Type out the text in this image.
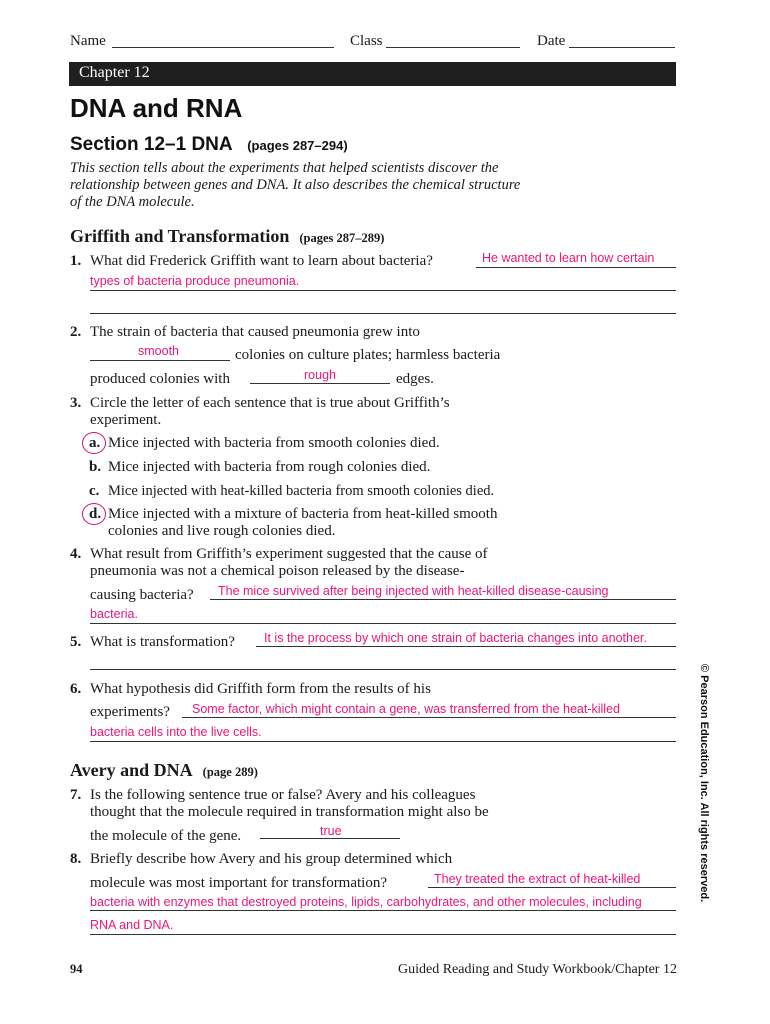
Name	Class	Date
Chapter 12
DNA and RNA
Section 12–1 DNA (pages 287–294)
This section tells about the experiments that helped scientists discover the
relationship between genes and DNA. It also describes the chemical structure
of the DNA molecule.
Griffith and Transformation (pages 287–289)
1. What did Frederick Griffith want to learn about bacteria?	He wanted to learn how certain
types of bacteria produce pneumonia.
2. The strain of bacteria that caused pneumonia grew into
smooth	colonies on culture plates; harmless bacteria
produced colonies with	rough	edges.
3. Circle the letter of each sentence that is true about Griffith’s
experiment.
a. Mice injected with bacteria from smooth colonies died.
b. Mice injected with bacteria from rough colonies died.
c. Mice injected with heat-killed bacteria from smooth colonies died.
d. Mice injected with a mixture of bacteria from heat-killed smooth
colonies and live rough colonies died.
4. What result from Griffith’s experiment suggested that the cause of
pneumonia was not a chemical poison released by the disease-
causing bacteria? The mice survived after being injected with heat-killed disease-causing
bacteria.
5. What is transformation? It is the process by which one strain of bacteria changes into another.
6. What hypothesis did Griffith form from the results of his
experiments? Some factor, which might contain a gene, was transferred from the heat-killed
bacteria cells into the live cells.
Avery and DNA (page 289)
7. Is the following sentence true or false? Avery and his colleagues
thought that the molecule required in transformation might also be
the molecule of the gene.	true
8. Briefly describe how Avery and his group determined which
molecule was most important for transformation?	They treated the extract of heat-killed
bacteria with enzymes that destroyed proteins, lipids, carbohydrates, and other molecules, including
RNA and DNA.
© Pearson Education, Inc. All rights reserved.
94	Guided Reading and Study Workbook/Chapter 12
